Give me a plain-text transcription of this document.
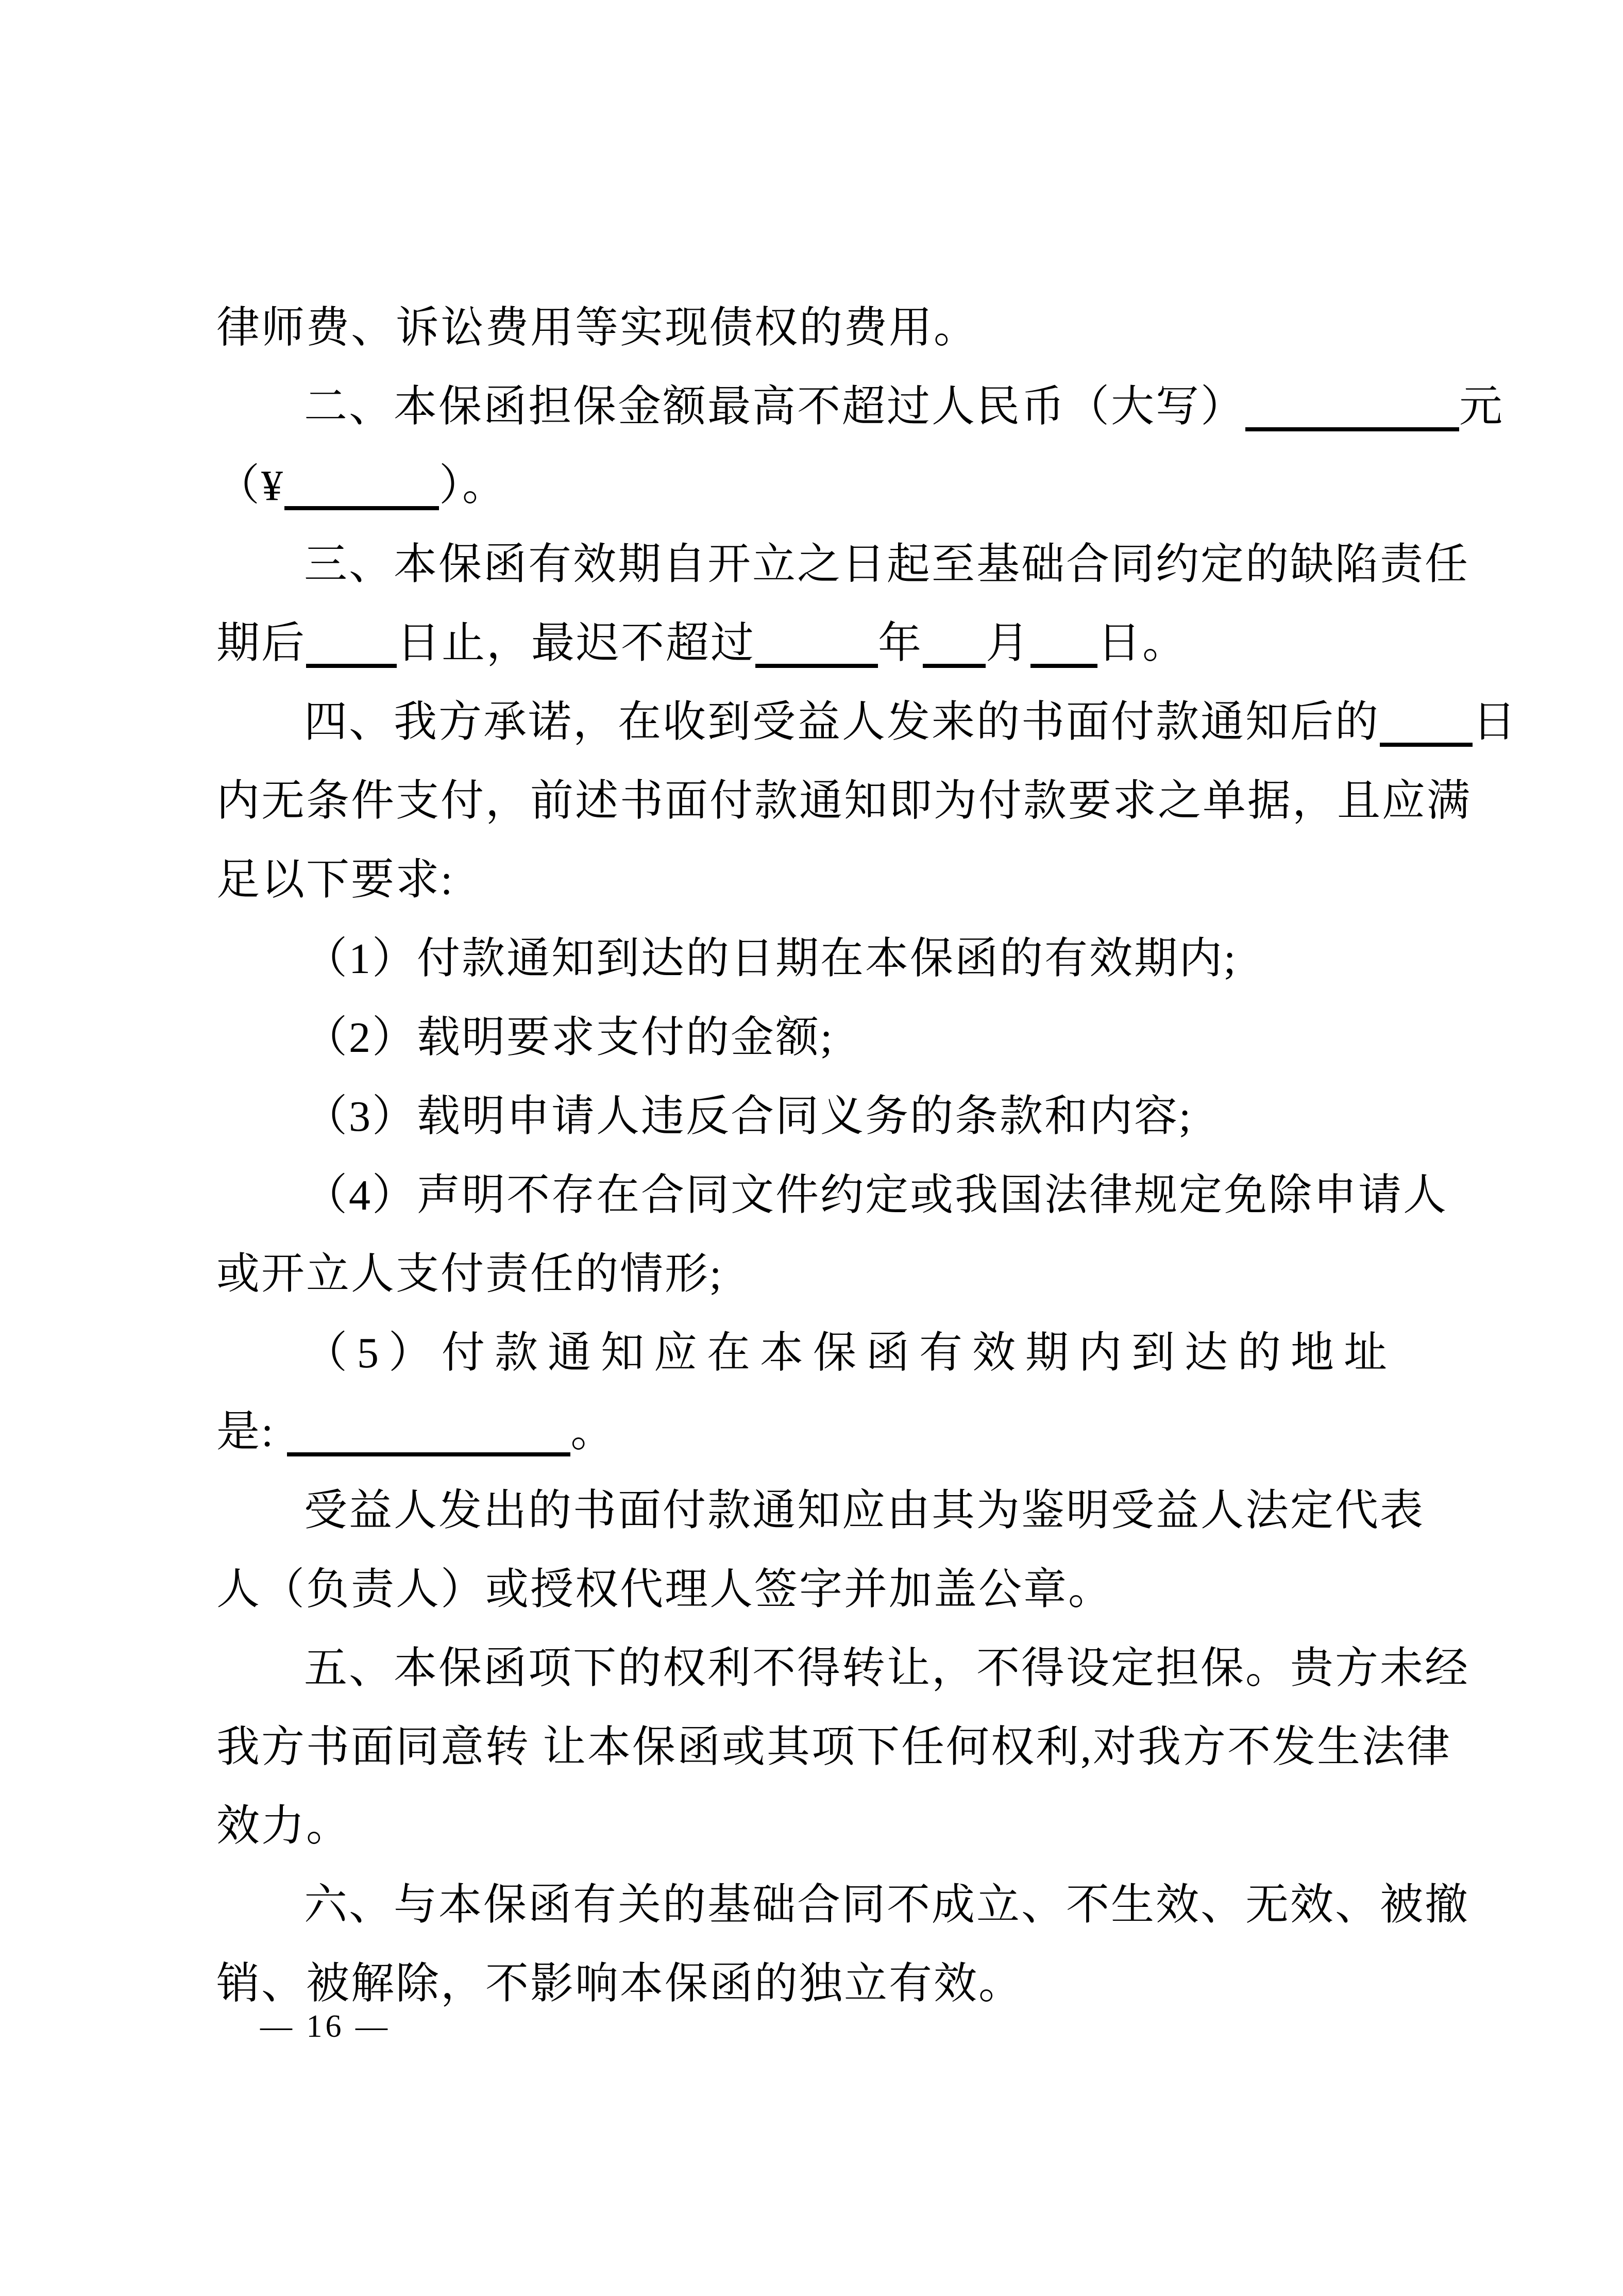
律师费、诉讼费用等实现债权的费用。
二、本保函担保金额最高不超过人民币（大写）	元
（¥	）。
三、本保函有效期自开立之日起至基础合同约定的缺陷责任
期后 日止，最迟不超过	年 月 日。
四、我方承诺，在收到受益人发来的书面付款通知后的 日
内无条件支付，前述书面付款通知即为付款要求之单据，且应满
足以下要求:
（1）付款通知到达的日期在本保函的有效期内;
（2）载明要求支付的金额;
（3）载明申请人违反合同义务的条款和内容;
（4）声明不存在合同文件约定或我国法律规定免除申请人
或开立人支付责任的情形;
（5）付款通知应在本保函有效期内到达的地址
是:	。
受益人发出的书面付款通知应由其为鉴明受益人法定代表
人（负责人）或授权代理人签字并加盖公章。
五、本保函项下的权利不得转让，不得设定担保。贵方未经
我方书面同意转 让本保函或其项下任何权利,对我方不发生法律
效力。
六、与本保函有关的基础合同不成立、不生效、无效、被撤
销、被解除，不影响本保函的独立有效。
— 16 —
